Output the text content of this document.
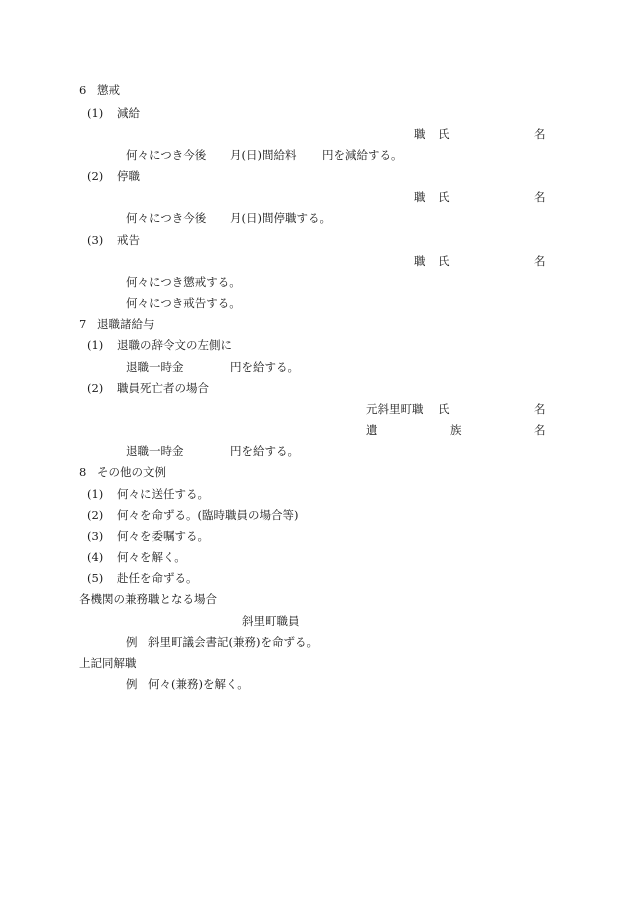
6 懲戒
(1) 減給
職 氏	名
何々につき今後 月(日)間給料 円を減給する。
(2) 停職
職 氏	名
何々につき今後 月(日)間停職する。
(3) 戒告
職 氏	名
何々につき懲戒する。
何々につき戒告する。
7 退職諸給与
(1) 退職の辞令文の左側に
退職一時金	円を給する。
(2) 職員死亡者の場合
元斜里町職 氏	名
遺	族	名
退職一時金	円を給する。
8 その他の文例
(1) 何々に送任する。
(2) 何々を命ずる。(臨時職員の場合等)
(3) 何々を委嘱する。
(4) 何々を解く。
(5) 赴任を命ずる。
各機関の兼務職となる場合
斜里町職員
例 斜里町議会書記(兼務)を命ずる。
上記同解職
例 何々(兼務)を解く。
